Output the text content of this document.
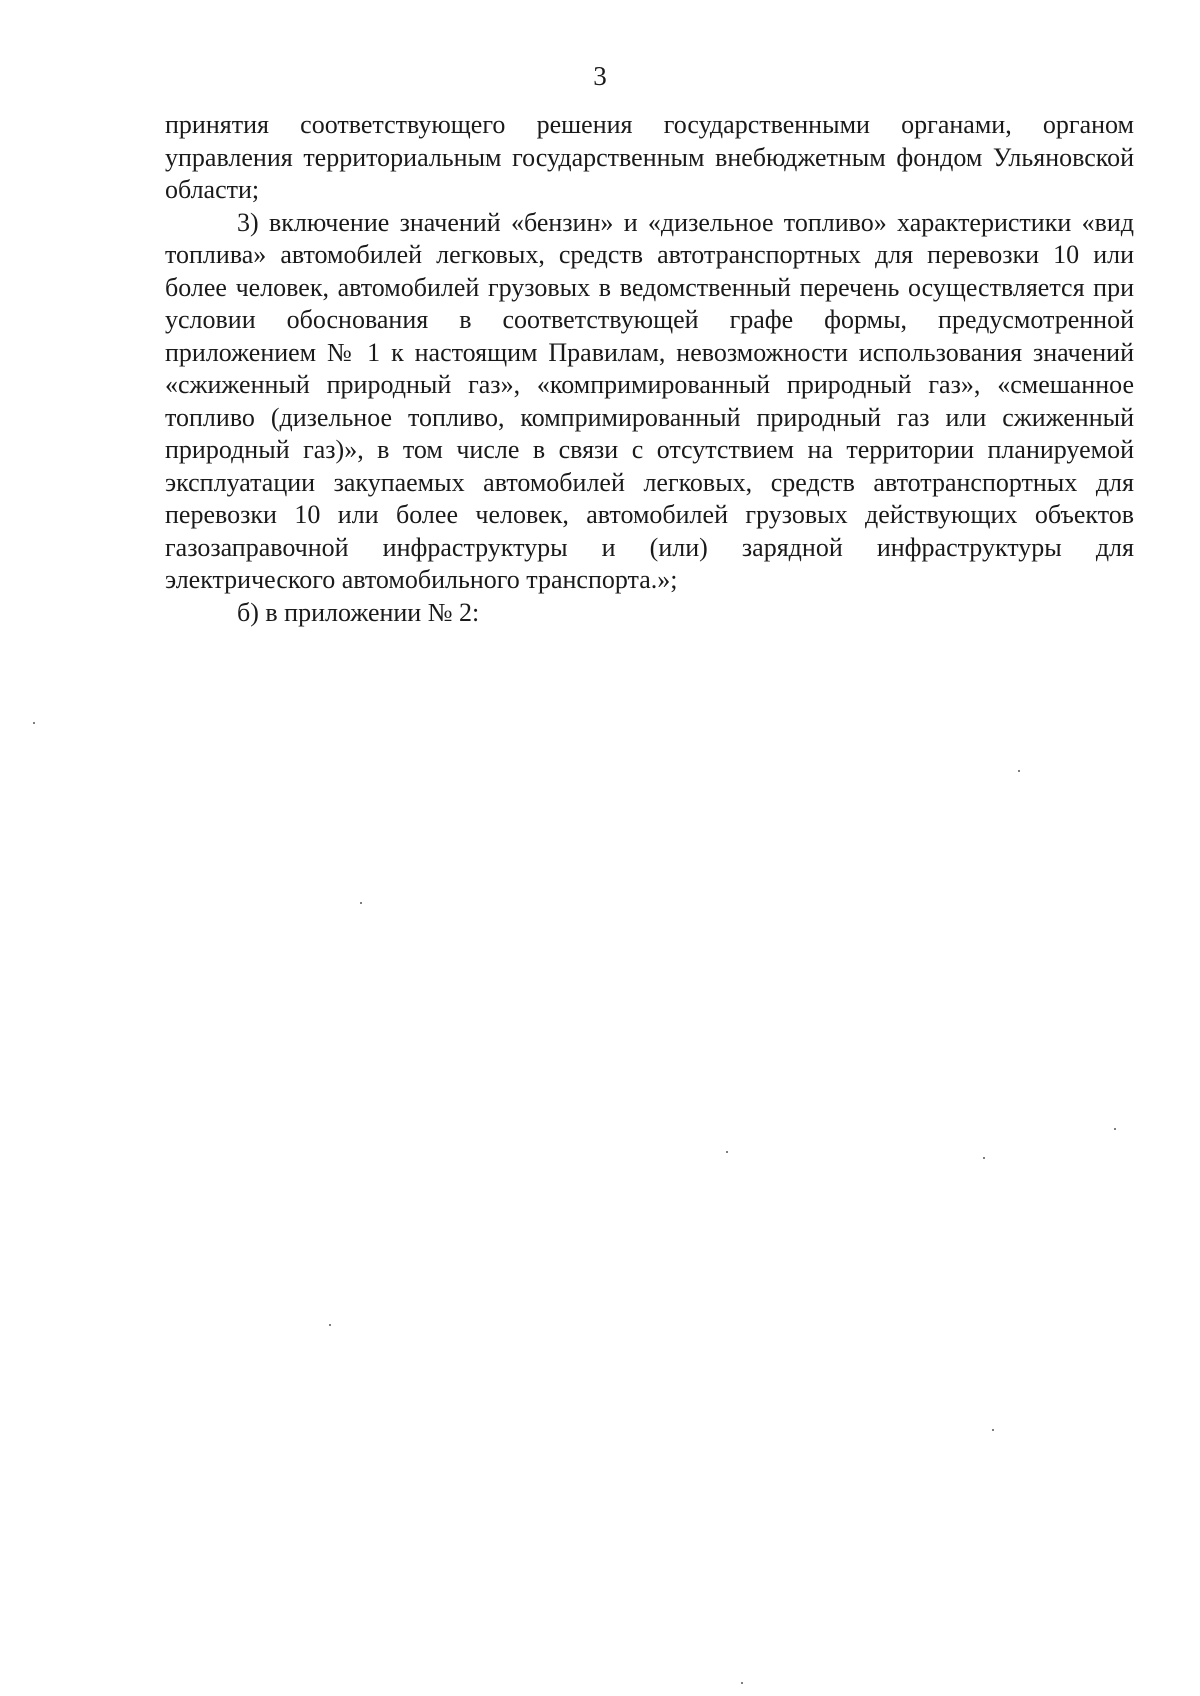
3

принятия соответствующего решения государственными органами, органом управления территориальным государственным внебюджетным фондом Ульяновской области;

3) включение значений «бензин» и «дизельное топливо» характеристики «вид топлива» автомобилей легковых, средств автотранспортных для перевозки 10 или более человек, автомобилей грузовых в ведомственный перечень осуществляется при условии обоснования в соответствующей графе формы, предусмотренной приложением № 1 к настоящим Правилам, невозможности использования значений «сжиженный природный газ», «компримированный природный газ», «смешанное топливо (дизельное топливо, компримированный природный газ или сжиженный природный газ)», в том числе в связи с отсутствием на территории планируемой эксплуатации закупаемых автомобилей легковых, средств автотранспортных для перевозки 10 или более человек, автомобилей грузовых действующих объектов газозаправочной инфраструктуры и (или) зарядной инфраструктуры для электрического автомобильного транспорта.»;

б) в приложении № 2:
